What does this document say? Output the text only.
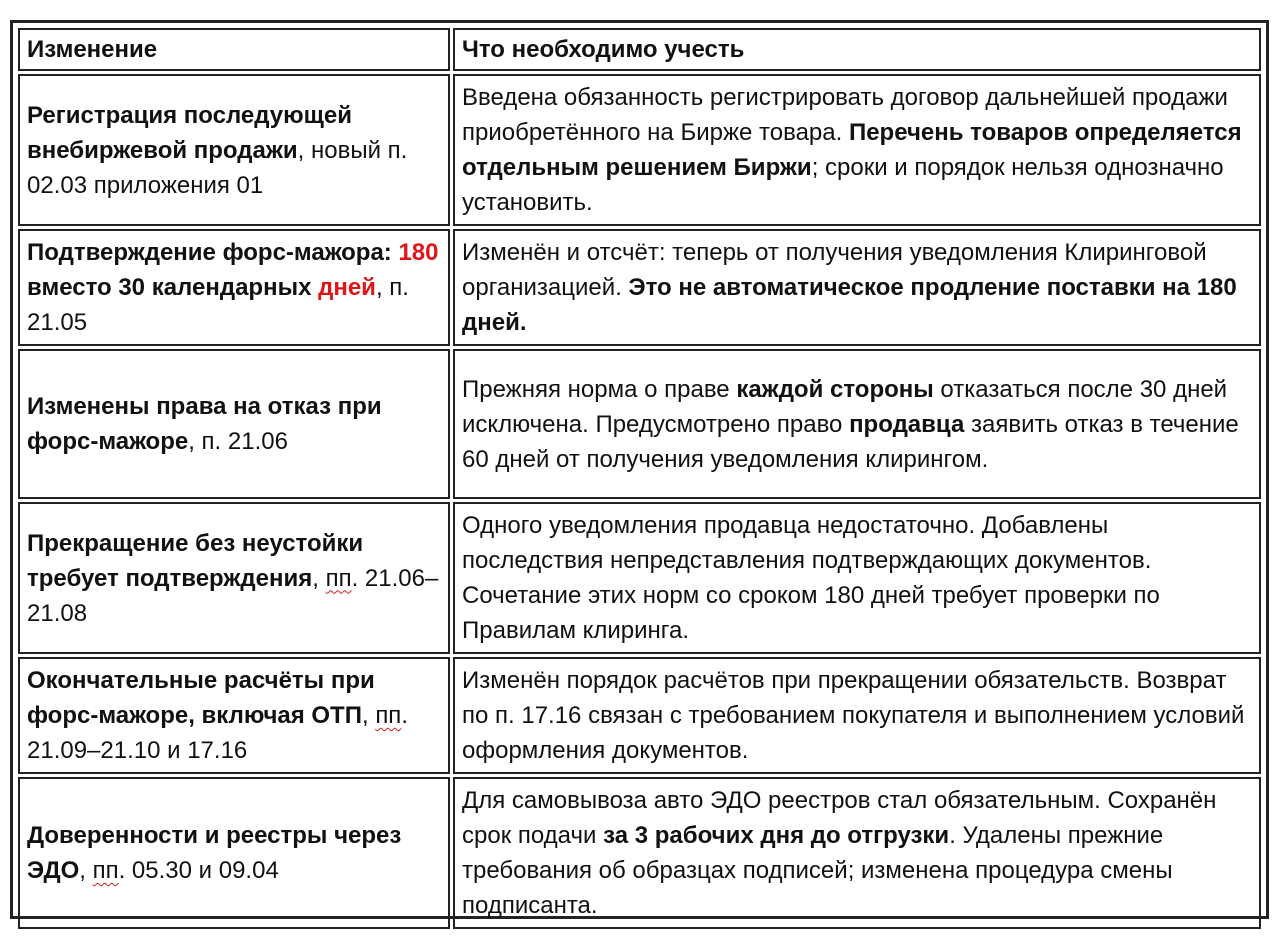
Изменение	Что необходимо учесть
Регистрация последующей внебиржевой продажи, новый п. 02.03 приложения 01	Введена обязанность регистрировать договор дальнейшей продажи приобретённого на Бирже товара. Перечень товаров определяется отдельным решением Биржи; сроки и порядок нельзя однозначно установить.
Подтверждение форс-мажора: 180 вместо 30 календарных дней, п. 21.05	Изменён и отсчёт: теперь от получения уведомления Клиринговой организацией. Это не автоматическое продление поставки на 180 дней.
Изменены права на отказ при форс-мажоре, п. 21.06	Прежняя норма о праве каждой стороны отказаться после 30 дней исключена. Предусмотрено право продавца заявить отказ в течение 60 дней от получения уведомления клирингом.
Прекращение без неустойки требует подтверждения, пп. 21.06–21.08	Одного уведомления продавца недостаточно. Добавлены последствия непредставления подтверждающих документов. Сочетание этих норм со сроком 180 дней требует проверки по Правилам клиринга.
Окончательные расчёты при форс-мажоре, включая ОТП, пп. 21.09–21.10 и 17.16	Изменён порядок расчётов при прекращении обязательств. Возврат по п. 17.16 связан с требованием покупателя и выполнением условий оформления документов.
Доверенности и реестры через ЭДО, пп. 05.30 и 09.04	Для самовывоза авто ЭДО реестров стал обязательным. Сохранён срок подачи за 3 рабочих дня до отгрузки. Удалены прежние требования об образцах подписей; изменена процедура смены подписанта.
